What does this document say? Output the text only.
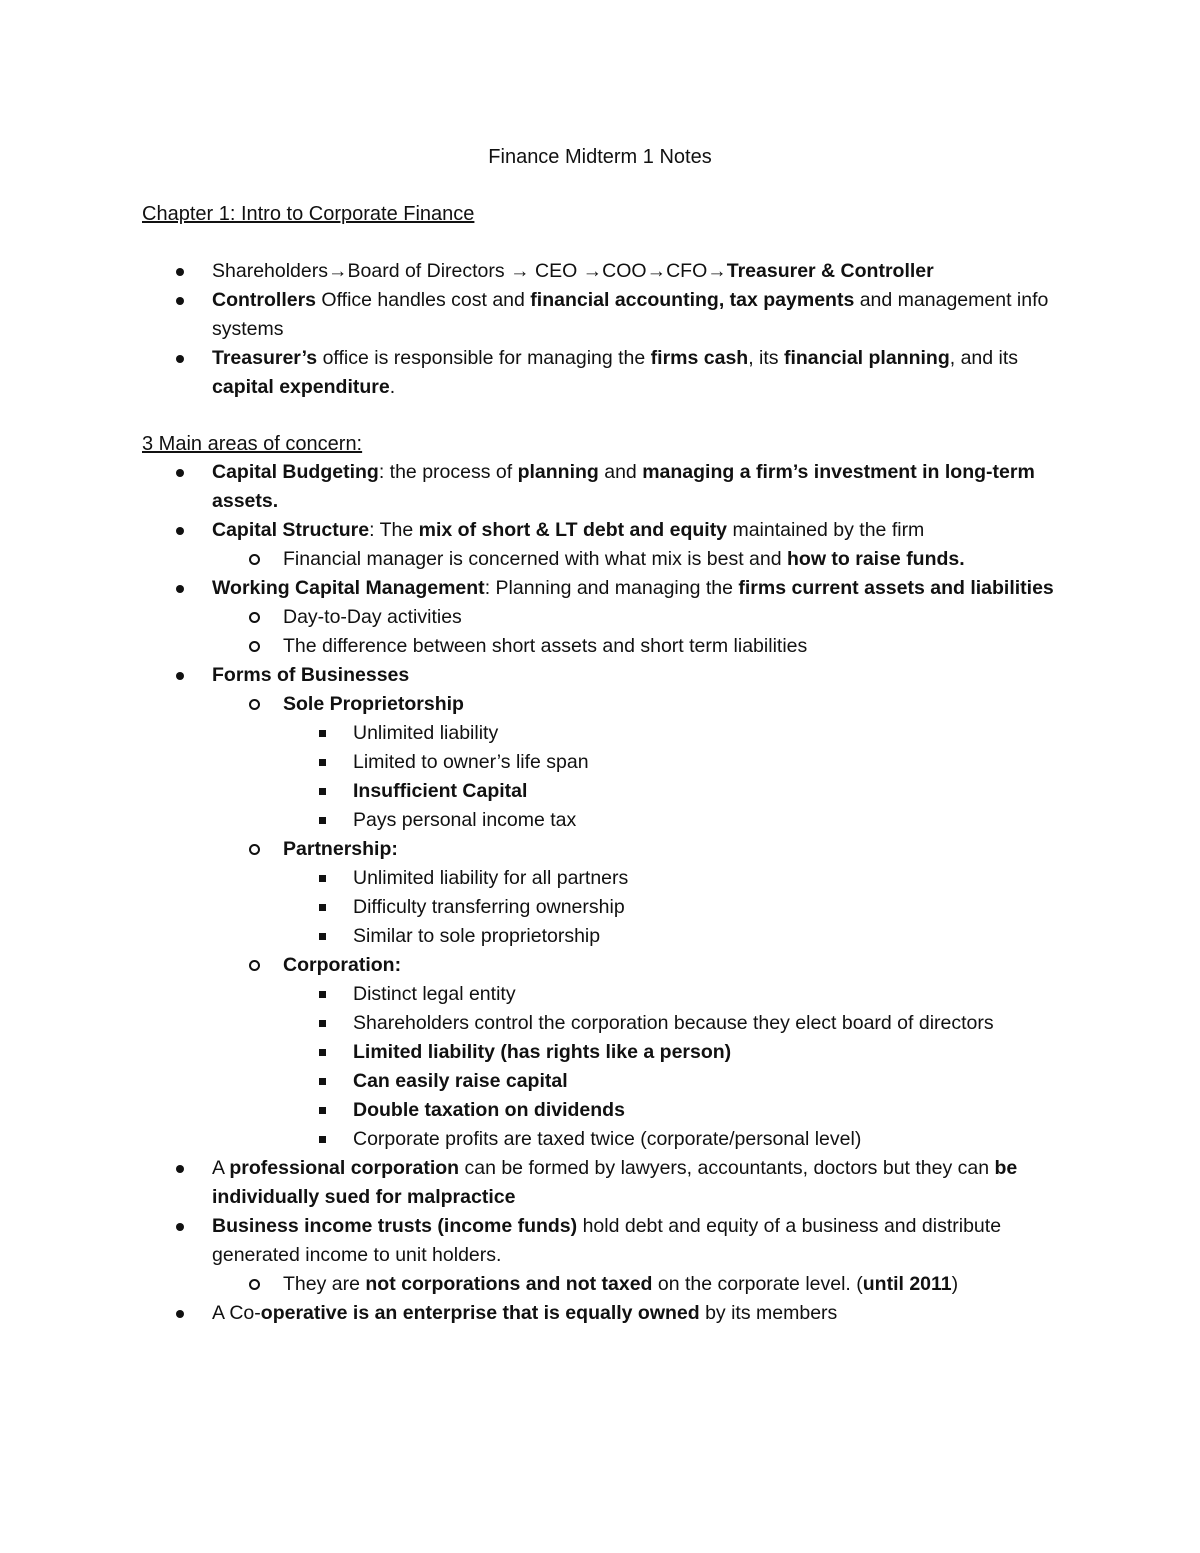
Finance Midterm 1 Notes
Chapter 1: Intro to Corporate Finance
Shareholders→Board of Directors → CEO →COO→CFO→Treasurer & Controller
Controllers Office handles cost and financial accounting, tax payments and management info systems
Treasurer’s office is responsible for managing the firms cash, its financial planning, and its capital expenditure.
3 Main areas of concern:
Capital Budgeting: the process of planning and managing a firm’s investment in long-term assets.
Capital Structure: The mix of short & LT debt and equity maintained by the firm
Financial manager is concerned with what mix is best and how to raise funds.
Working Capital Management: Planning and managing the firms current assets and liabilities
Day-to-Day activities
The difference between short assets and short term liabilities
Forms of Businesses
Sole Proprietorship
Unlimited liability
Limited to owner’s life span
Insufficient Capital
Pays personal income tax
Partnership:
Unlimited liability for all partners
Difficulty transferring ownership
Similar to sole proprietorship
Corporation:
Distinct legal entity
Shareholders control the corporation because they elect board of directors
Limited liability (has rights like a person)
Can easily raise capital
Double taxation on dividends
Corporate profits are taxed twice (corporate/personal level)
A professional corporation can be formed by lawyers, accountants, doctors but they can be individually sued for malpractice
Business income trusts (income funds) hold debt and equity of a business and distribute generated income to unit holders.
They are not corporations and not taxed on the corporate level. (until 2011)
A Co-operative is an enterprise that is equally owned by its members
